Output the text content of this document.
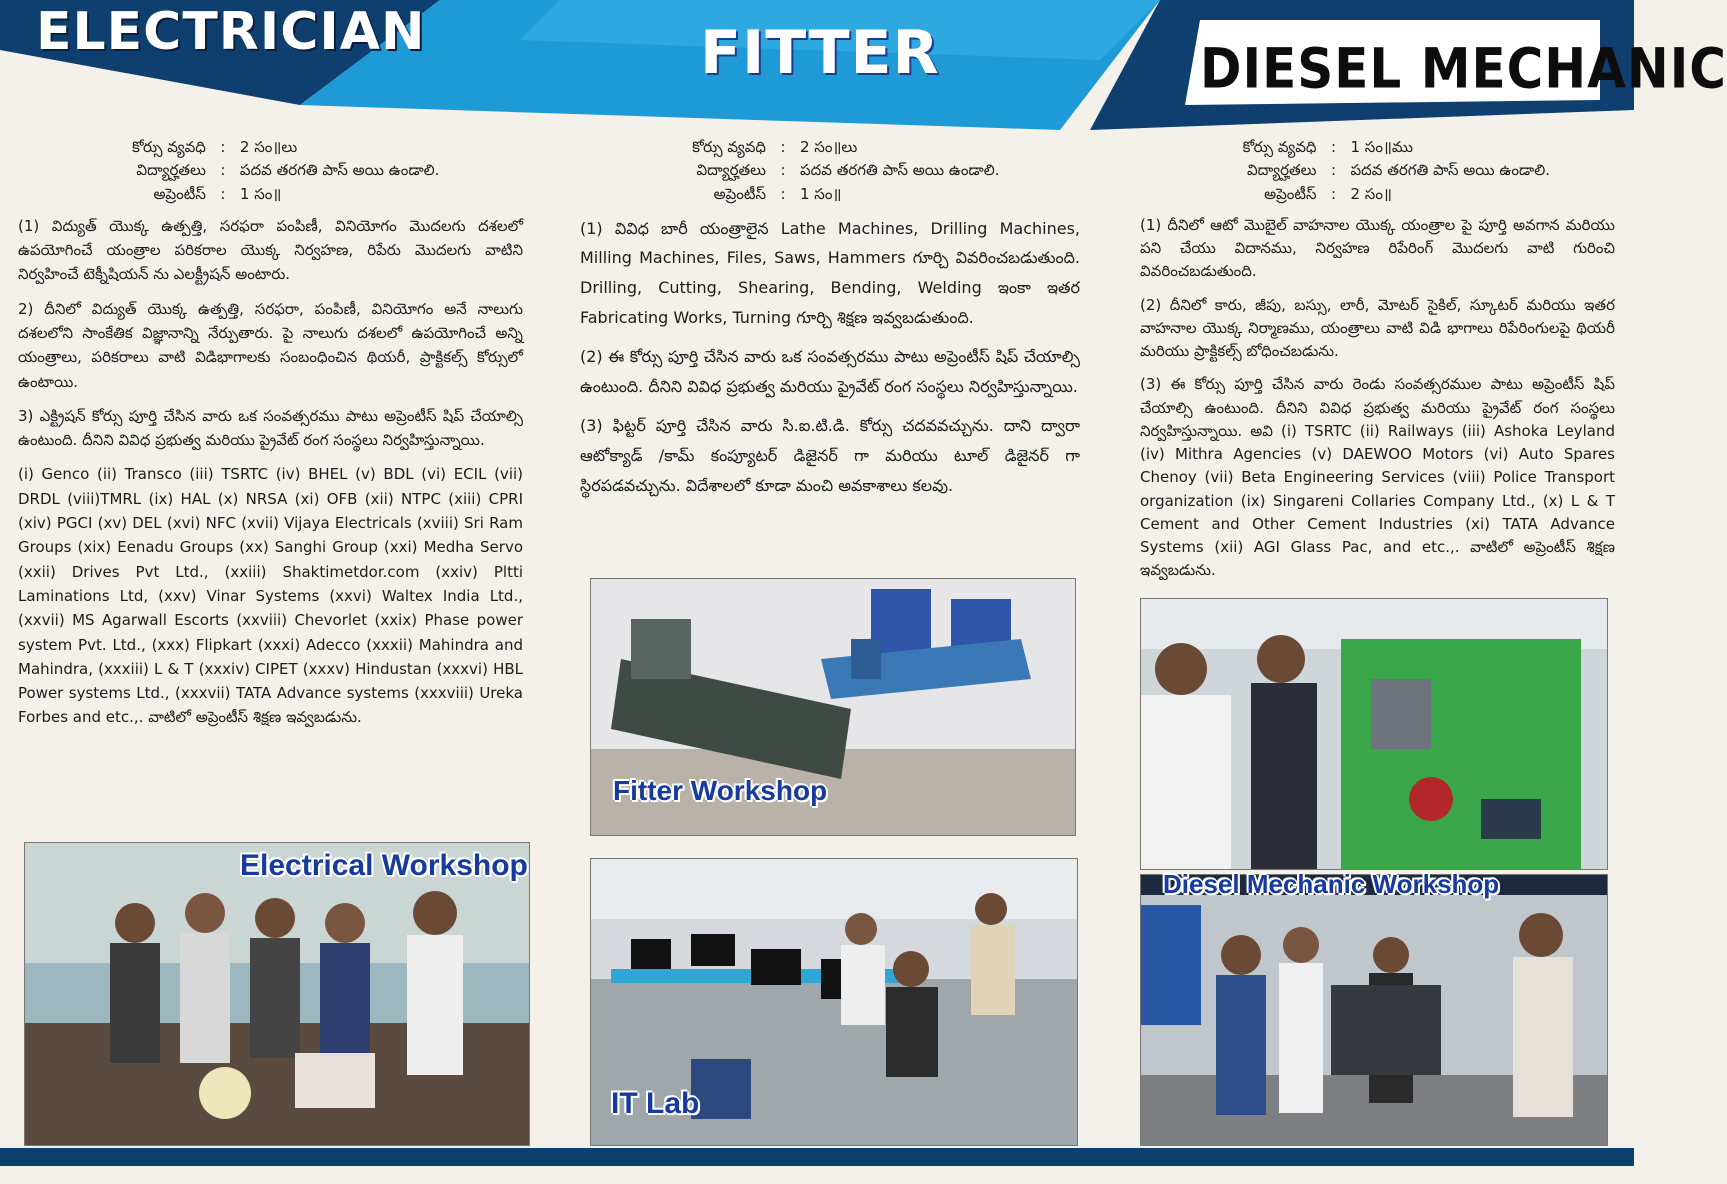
ELECTRICIAN	FITTER	DIESEL MECHANIC
కోర్సు వ్యవధి	:	2 సం॥లు
విద్యార్హతలు	:	పదవ తరగతి పాస్ అయి ఉండాలి.
అప్రెంటీస్	:	1 సం॥

(1) విద్యుత్ యొక్క ఉత్పత్తి, సరఫరా పంపిణీ, వినియోగం మొదలగు దశలలో ఉపయోగించే యంత్రాల పరికరాల యొక్క నిర్వహణ, రిపేరు మొదలగు వాటిని నిర్వహించే టెక్నీషియన్ ను ఎలక్ట్రీషన్ అంటారు.

2) దీనిలో విద్యుత్ యొక్క ఉత్పత్తి, సరఫరా, పంపిణీ, వినియోగం అనే నాలుగు దశలలోని సాంకేతిక విజ్ఞానాన్ని నేర్పుతారు. పై నాలుగు దశలలో ఉపయోగించే అన్ని యంత్రాలు, పరికరాలు వాటి విడిభాగాలకు సంబంధించిన థియరీ, ప్రాక్టికల్స్ కోర్సులో ఉంటాయి.

3) ఎక్ట్రిషన్ కోర్సు పూర్తి చేసిన వారు ఒక సంవత్సరము పాటు అప్రెంటీస్ షిప్ చేయాల్సి ఉంటుంది. దీనిని వివిధ ప్రభుత్వ మరియు ప్రైవేట్ రంగ సంస్థలు నిర్వహిస్తున్నాయి.

(i) Genco (ii) Transco (iii) TSRTC (iv) BHEL (v) BDL (vi) ECIL (vii) DRDL (viii)TMRL (ix) HAL (x) NRSA (xi) OFB (xii) NTPC (xiii) CPRI (xiv) PGCI (xv) DEL (xvi) NFC (xvii) Vijaya Electricals (xviii) Sri Ram Groups (xix) Eenadu Groups (xx) Sanghi Group (xxi) Medha Servo (xxii) Drives Pvt Ltd., (xxiii) Shaktimetdor.com (xxiv) Pltti Laminations Ltd, (xxv) Vinar Systems (xxvi) Waltex India Ltd., (xxvii) MS Agarwall Escorts (xxviii) Chevorlet (xxix) Phase power system Pvt. Ltd., (xxx) Flipkart (xxxi) Adecco (xxxii) Mahindra and Mahindra, (xxxiii) L & T (xxxiv) CIPET (xxxv) Hindustan (xxxvi) HBL Power systems Ltd., (xxxvii) TATA Advance systems (xxxviii) Ureka Forbes and etc.,. వాటిలో అప్రెంటీస్ శిక్షణ ఇవ్వబడును.

కోర్సు వ్యవధి	:	2 సం॥లు
విద్యార్హతలు	:	పదవ తరగతి పాస్ అయి ఉండాలి.
అప్రెంటీస్	:	1 సం॥

(1) వివిధ బారీ యంత్రాలైన Lathe Machines, Drilling Machines, Milling Machines, Files, Saws, Hammers గూర్చి వివరించబడుతుంది. Drilling, Cutting, Shearing, Bending, Welding ఇంకా ఇతర Fabricating Works, Turning గూర్చి శిక్షణ ఇవ్వబడుతుంది.

(2) ఈ కోర్సు పూర్తి చేసిన వారు ఒక సంవత్సరము పాటు అప్రెంటీస్ షిప్ చేయాల్సి ఉంటుంది. దీనిని వివిధ ప్రభుత్వ మరియు ప్రైవేట్ రంగ సంస్థలు నిర్వహిస్తున్నాయి.

(3) ఫిట్టర్ పూర్తి చేసిన వారు సి.ఐ.టి.డి. కోర్సు చదవవచ్చును. దాని ద్వారా ఆటోక్యాడ్ /కామ్ కంప్యూటర్ డిజైనర్ గా మరియు టూల్ డిజైనర్ గా స్థిరపడవచ్చును. విదేశాలలో కూడా మంచి అవకాశాలు కలవు.

కోర్సు వ్యవధి	:	1 సం॥ము
విద్యార్హతలు	:	పదవ తరగతి పాస్ అయి ఉండాలి.
అప్రెంటీస్	:	2 సం॥

(1) దీనిలో ఆటో మొబైల్ వాహనాల యొక్క యంత్రాల పై పూర్తి అవగాన మరియు పని చేయు విదానము, నిర్వహణ రిపేరింగ్ మొదలగు వాటి గురించి వివరించబడుతుంది.

(2) దీనిలో కారు, జీపు, బస్సు, లారీ, మోటర్ సైకిల్, స్కూటర్ మరియు ఇతర వాహనాల యొక్క నిర్మాణము, యంత్రాలు వాటి విడి భాగాలు రిపేరింగులపై థియరీ మరియు ప్రాక్టికల్స్ బోధించబడును.

(3) ఈ కోర్సు పూర్తి చేసిన వారు రెండు సంవత్సరముల పాటు అప్రెంటీస్ షిప్ చేయాల్సి ఉంటుంది. దీనిని వివిధ ప్రభుత్వ మరియు ప్రైవేట్ రంగ సంస్థలు నిర్వహిస్తున్నాయి. అవి (i) TSRTC (ii) Railways (iii) Ashoka Leyland (iv) Mithra Agencies (v) DAEWOO Motors (vi) Auto Spares Chenoy (vii) Beta Engineering Services (viii) Police Transport organization (ix) Singareni Collaries Company Ltd., (x) L & T Cement and Other Cement Industries (xi) TATA Advance Systems (xii) AGI Glass Pac, and etc.,. వాటిలో అప్రెంటీస్ శిక్షణ ఇవ్వబడును.

Electrical Workshop
Fitter Workshop
IT Lab
Diesel Mechanic Workshop
